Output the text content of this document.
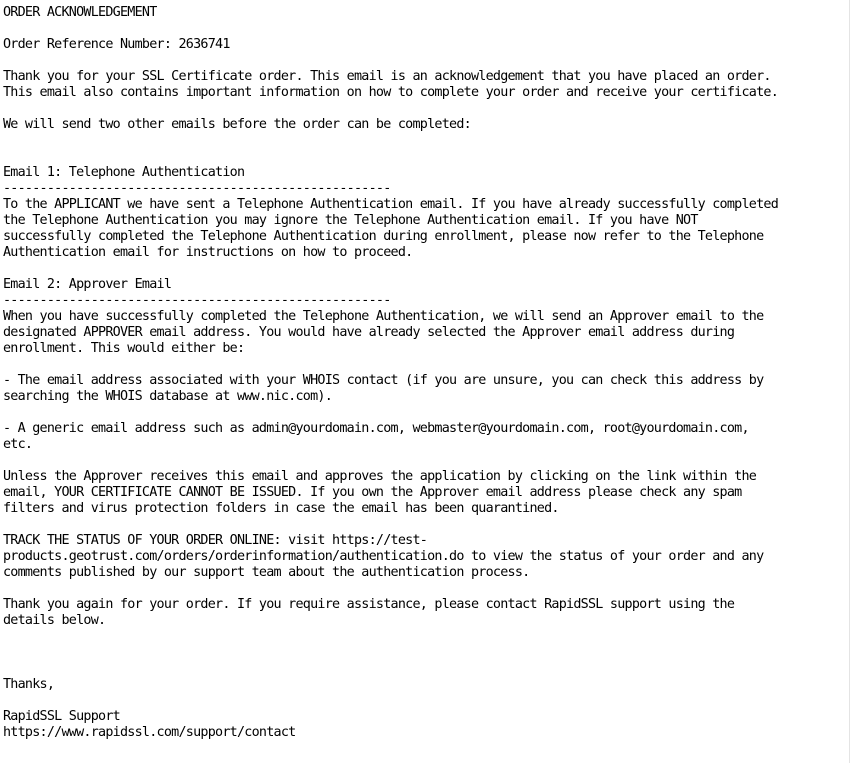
ORDER ACKNOWLEDGEMENT
Order Reference Number: 2636741
Thank you for your SSL Certificate order. This email is an acknowledgement that you have placed an order.
This email also contains important information on how to complete your order and receive your certificate.
We will send two other emails before the order can be completed:
Email 1: Telephone Authentication
-----------------------------------------------------
To the APPLICANT we have sent a Telephone Authentication email. If you have already successfully completed
the Telephone Authentication you may ignore the Telephone Authentication email. If you have NOT
successfully completed the Telephone Authentication during enrollment, please now refer to the Telephone
Authentication email for instructions on how to proceed.
Email 2: Approver Email
-----------------------------------------------------
When you have successfully completed the Telephone Authentication, we will send an Approver email to the
designated APPROVER email address. You would have already selected the Approver email address during
enrollment. This would either be:
- The email address associated with your WHOIS contact (if you are unsure, you can check this address by
searching the WHOIS database at www.nic.com).
- A generic email address such as admin@yourdomain.com, webmaster@yourdomain.com, root@yourdomain.com,
etc.
Unless the Approver receives this email and approves the application by clicking on the link within the
email, YOUR CERTIFICATE CANNOT BE ISSUED. If you own the Approver email address please check any spam
filters and virus protection folders in case the email has been quarantined.
TRACK THE STATUS OF YOUR ORDER ONLINE: visit https://test-
products.geotrust.com/orders/orderinformation/authentication.do to view the status of your order and any
comments published by our support team about the authentication process.
Thank you again for your order. If you require assistance, please contact RapidSSL support using the
details below.
Thanks,
RapidSSL Support
https://www.rapidssl.com/support/contact
